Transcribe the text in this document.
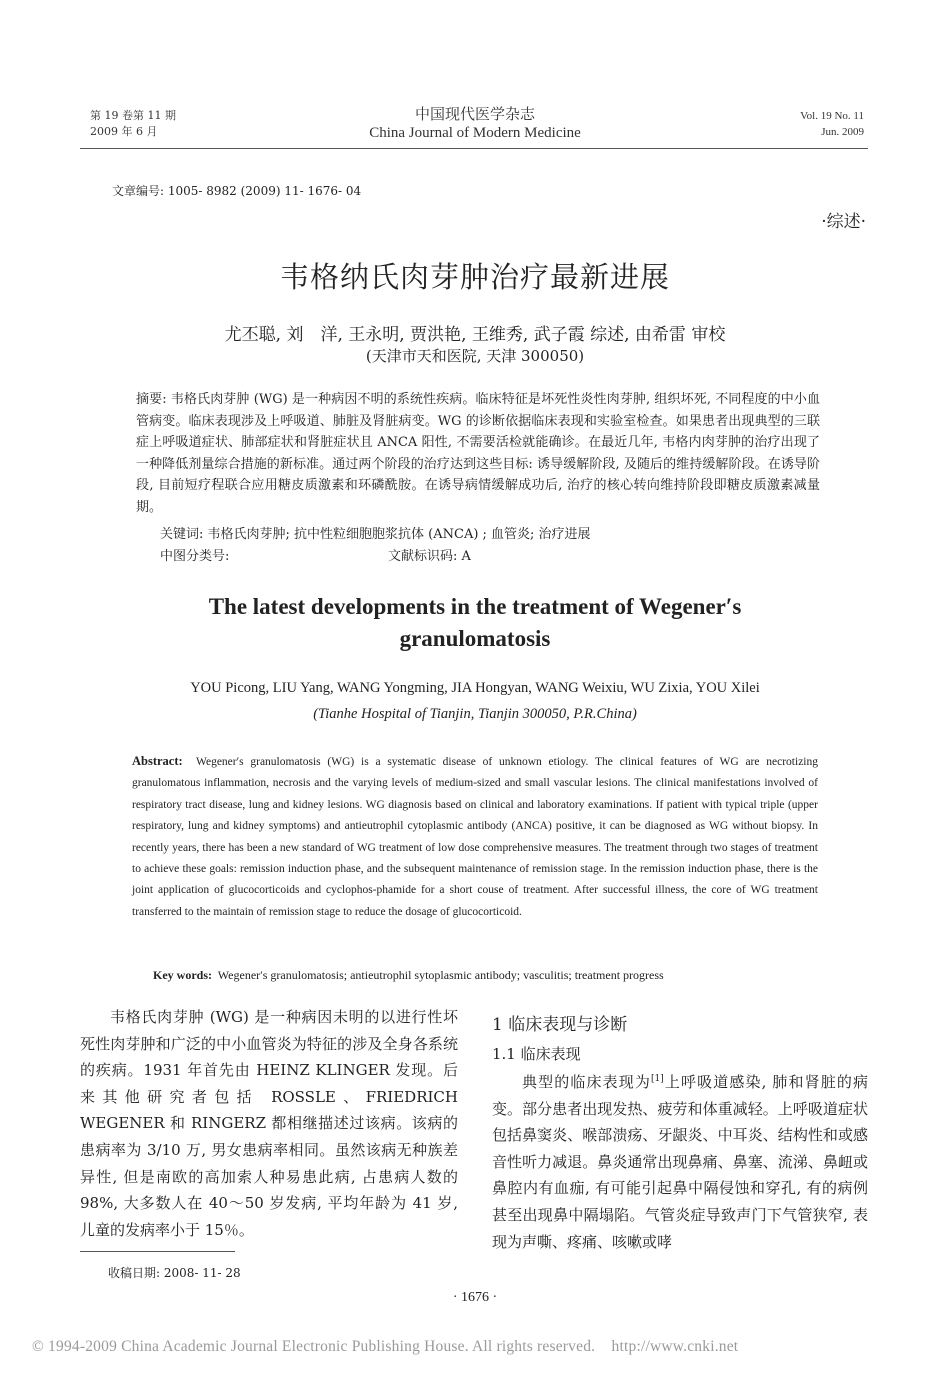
第 19 卷第 11 期
2009 年 6 月
中国现代医学杂志
China Journal of Modern Medicine
Vol. 19 No. 11
Jun. 2009
文章编号: 1005- 8982 (2009) 11- 1676- 04
·综述·
韦格纳氏肉芽肿治疗最新进展
尤丕聪, 刘　洋, 王永明, 贾洪艳, 王维秀, 武子霞 综述, 由希雷 审校
(天津市天和医院, 天津 300050)
摘要: 韦格氏肉芽肿 (WG) 是一种病因不明的系统性疾病。临床特征是坏死性炎性肉芽肿, 组织坏死, 不同程度的中小血管病变。临床表现涉及上呼吸道、肺脏及肾脏病变。WG 的诊断依据临床表现和实验室检查。如果患者出现典型的三联症上呼吸道症状、肺部症状和肾脏症状且 ANCA 阳性, 不需要活检就能确诊。在最近几年, 韦格内肉芽肿的治疗出现了一种降低剂量综合措施的新标准。通过两个阶段的治疗达到这些目标: 诱导缓解阶段, 及随后的维持缓解阶段。在诱导阶段, 目前短疗程联合应用糖皮质激素和环磷酰胺。在诱导病情缓解成功后, 治疗的核心转向维持阶段即糖皮质激素减量期。
关键词: 韦格氏肉芽肿; 抗中性粒细胞胞浆抗体 (ANCA) ; 血管炎; 治疗进展
中图分类号:	文献标识码: A
The latest developments in the treatment of Wegener′s
granulomatosis
YOU Picong, LIU Yang, WANG Yongming, JIA Hongyan, WANG Weixiu, WU Zixia, YOU Xilei
(Tianhe Hospital of Tianjin, Tianjin 300050, P.R.China)
Abstract: Wegener′s granulomatosis (WG) is a systematic disease of unknown etiology. The clinical features of WG are necrotizing granulomatous inflammation, necrosis and the varying levels of medium-sized and small vascular lesions. The clinical manifestations involved of respiratory tract disease, lung and kidney lesions. WG diagnosis based on clinical and laboratory examinations. If patient with typical triple (upper respiratory, lung and kidney symptoms) and antieutrophil cytoplasmic antibody (ANCA) positive, it can be diagnosed as WG without biopsy. In recently years, there has been a new standard of WG treatment of low dose comprehensive measures. The treatment through two stages of treatment to achieve these goals: remission induction phase, and the subsequent maintenance of remission stage. In the remission induction phase, there is the joint application of glucocorticoids and cyclophos-phamide for a short couse of treatment. After successful illness, the core of WG treatment transferred to the maintain of remission stage to reduce the dosage of glucocorticoid.
Key words: Wegener′s granulomatosis; antieutrophil sytoplasmic antibody; vasculitis; treatment progress
韦格氏肉芽肿 (WG) 是一种病因未明的以进行性坏死性肉芽肿和广泛的中小血管炎为特征的涉及全身各系统的疾病。1931 年首先由 HEINZ KLINGER 发现。后来其他研究者包括 ROSSLE、FRIEDRICH WEGENER 和 RINGERZ 都相继描述过该病。该病的患病率为 3/10 万, 男女患病率相同。虽然该病无种族差异性, 但是南欧的高加索人种易患此病, 占患病人数的 98%, 大多数人在 40～50 岁发病, 平均年龄为 41 岁, 儿童的发病率小于 15％。
1 临床表现与诊断
1.1 临床表现
典型的临床表现为[1]上呼吸道感染, 肺和肾脏的病变。部分患者出现发热、疲劳和体重减轻。上呼吸道症状包括鼻窦炎、喉部溃疡、牙龈炎、中耳炎、结构性和或感音性听力减退。鼻炎通常出现鼻痛、鼻塞、流涕、鼻衄或鼻腔内有血痂, 有可能引起鼻中隔侵蚀和穿孔, 有的病例甚至出现鼻中隔塌陷。气管炎症导致声门下气管狭窄, 表现为声嘶、疼痛、咳嗽或哮
收稿日期: 2008- 11- 28
· 1676 ·
© 1994-2009 China Academic Journal Electronic Publishing House. All rights reserved.    http://www.cnki.net
